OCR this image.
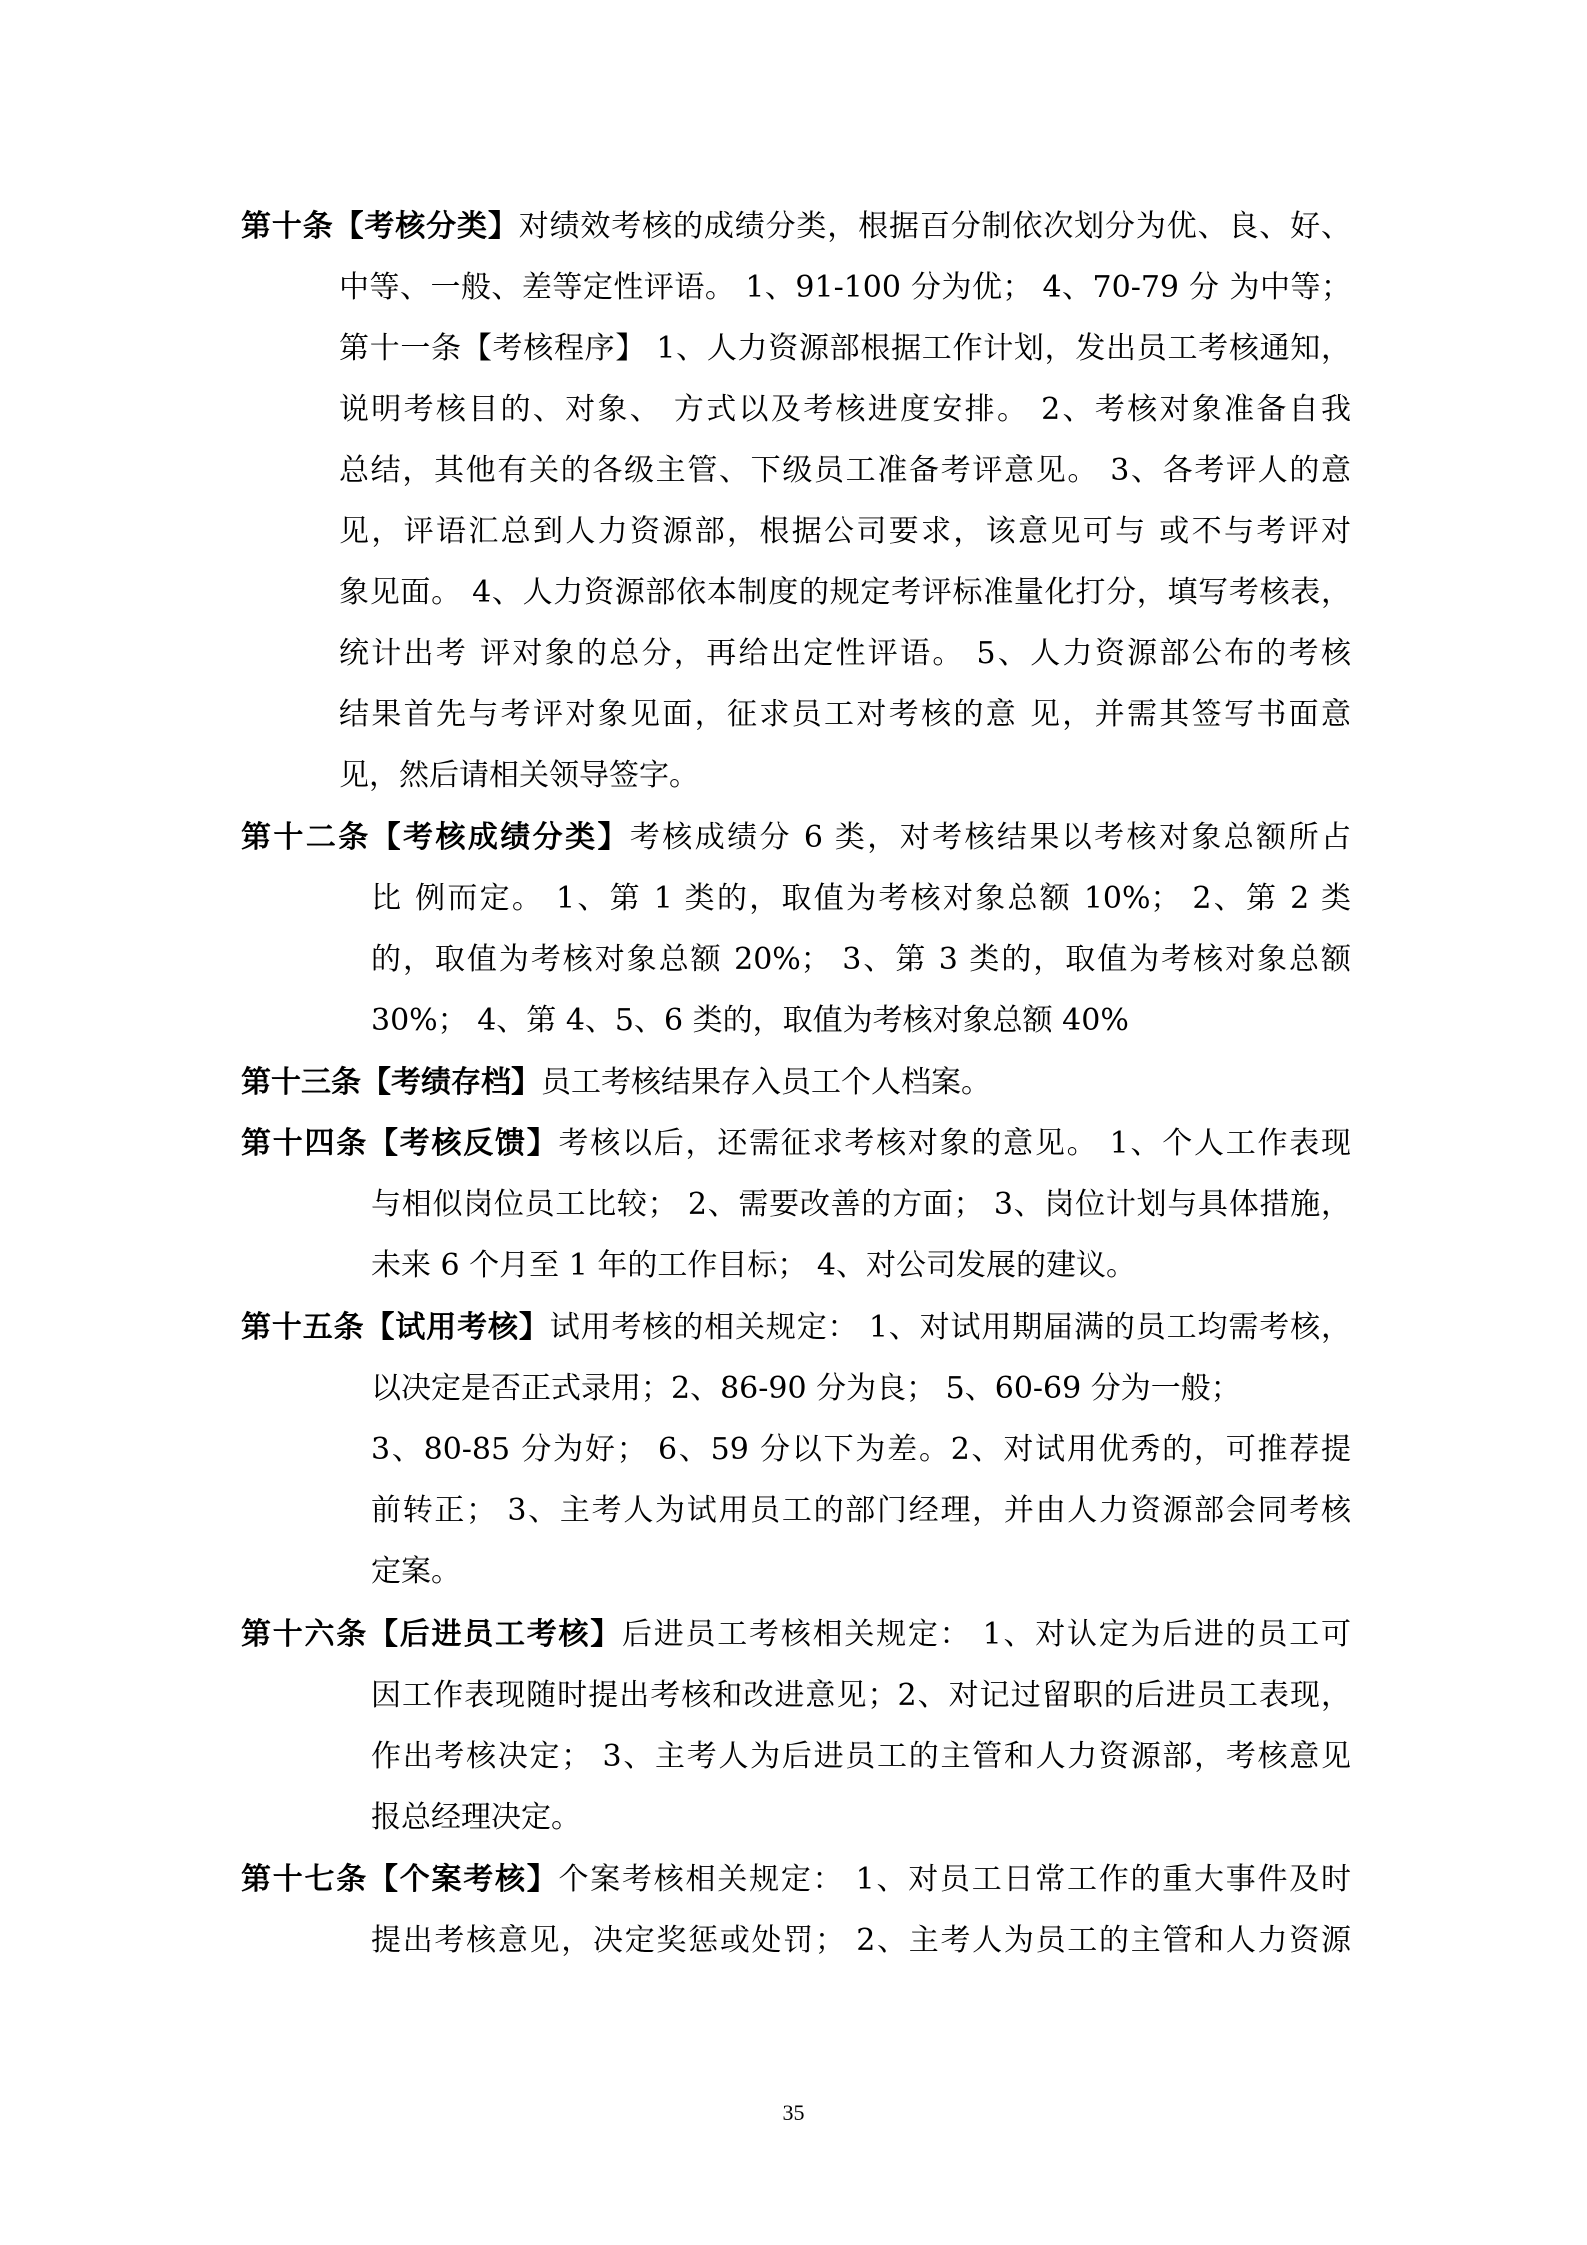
第十条【考核分类】对绩效考核的成绩分类，根据百分制依次划分为优、良、好、
中等、一般、差等定性评语。 1、91-100 分为优； 4、70-79 分 为中等；
第十一条【考核程序】 1、人力资源部根据工作计划，发出员工考核通知，
说明考核目的、对象、 方式以及考核进度安排。 2、考核对象准备自我
总结，其他有关的各级主管、下级员工准备考评意见。 3、各考评人的意
见，评语汇总到人力资源部，根据公司要求，该意见可与 或不与考评对
象见面。 4、人力资源部依本制度的规定考评标准量化打分，填写考核表，
统计出考 评对象的总分，再给出定性评语。 5、人力资源部公布的考核
结果首先与考评对象见面，征求员工对考核的意 见，并需其签写书面意
见，然后请相关领导签字。
第十二条【考核成绩分类】考核成绩分 6 类，对考核结果以考核对象总额所占
比 例而定。 1、第 1 类的，取值为考核对象总额 10%； 2、第 2 类
的，取值为考核对象总额 20%； 3、第 3 类的，取值为考核对象总额
30%； 4、第 4、5、6 类的，取值为考核对象总额 40%
第十三条【考绩存档】员工考核结果存入员工个人档案。
第十四条【考核反馈】考核以后，还需征求考核对象的意见。 1、个人工作表现
与相似岗位员工比较； 2、需要改善的方面； 3、岗位计划与具体措施，
未来 6 个月至 1 年的工作目标； 4、对公司发展的建议。
第十五条【试用考核】试用考核的相关规定： 1、对试用期届满的员工均需考核，
以决定是否正式录用；2、86-90 分为良； 5、60-69 分为一般；
3、80-85 分为好； 6、59 分以下为差。2、对试用优秀的，可推荐提
前转正； 3、主考人为试用员工的部门经理，并由人力资源部会同考核
定案。
第十六条【后进员工考核】后进员工考核相关规定： 1、对认定为后进的员工可
因工作表现随时提出考核和改进意见；2、对记过留职的后进员工表现，
作出考核决定； 3、主考人为后进员工的主管和人力资源部，考核意见
报总经理决定。
第十七条【个案考核】个案考核相关规定： 1、对员工日常工作的重大事件及时
提出考核意见，决定奖惩或处罚； 2、主考人为员工的主管和人力资源
35
